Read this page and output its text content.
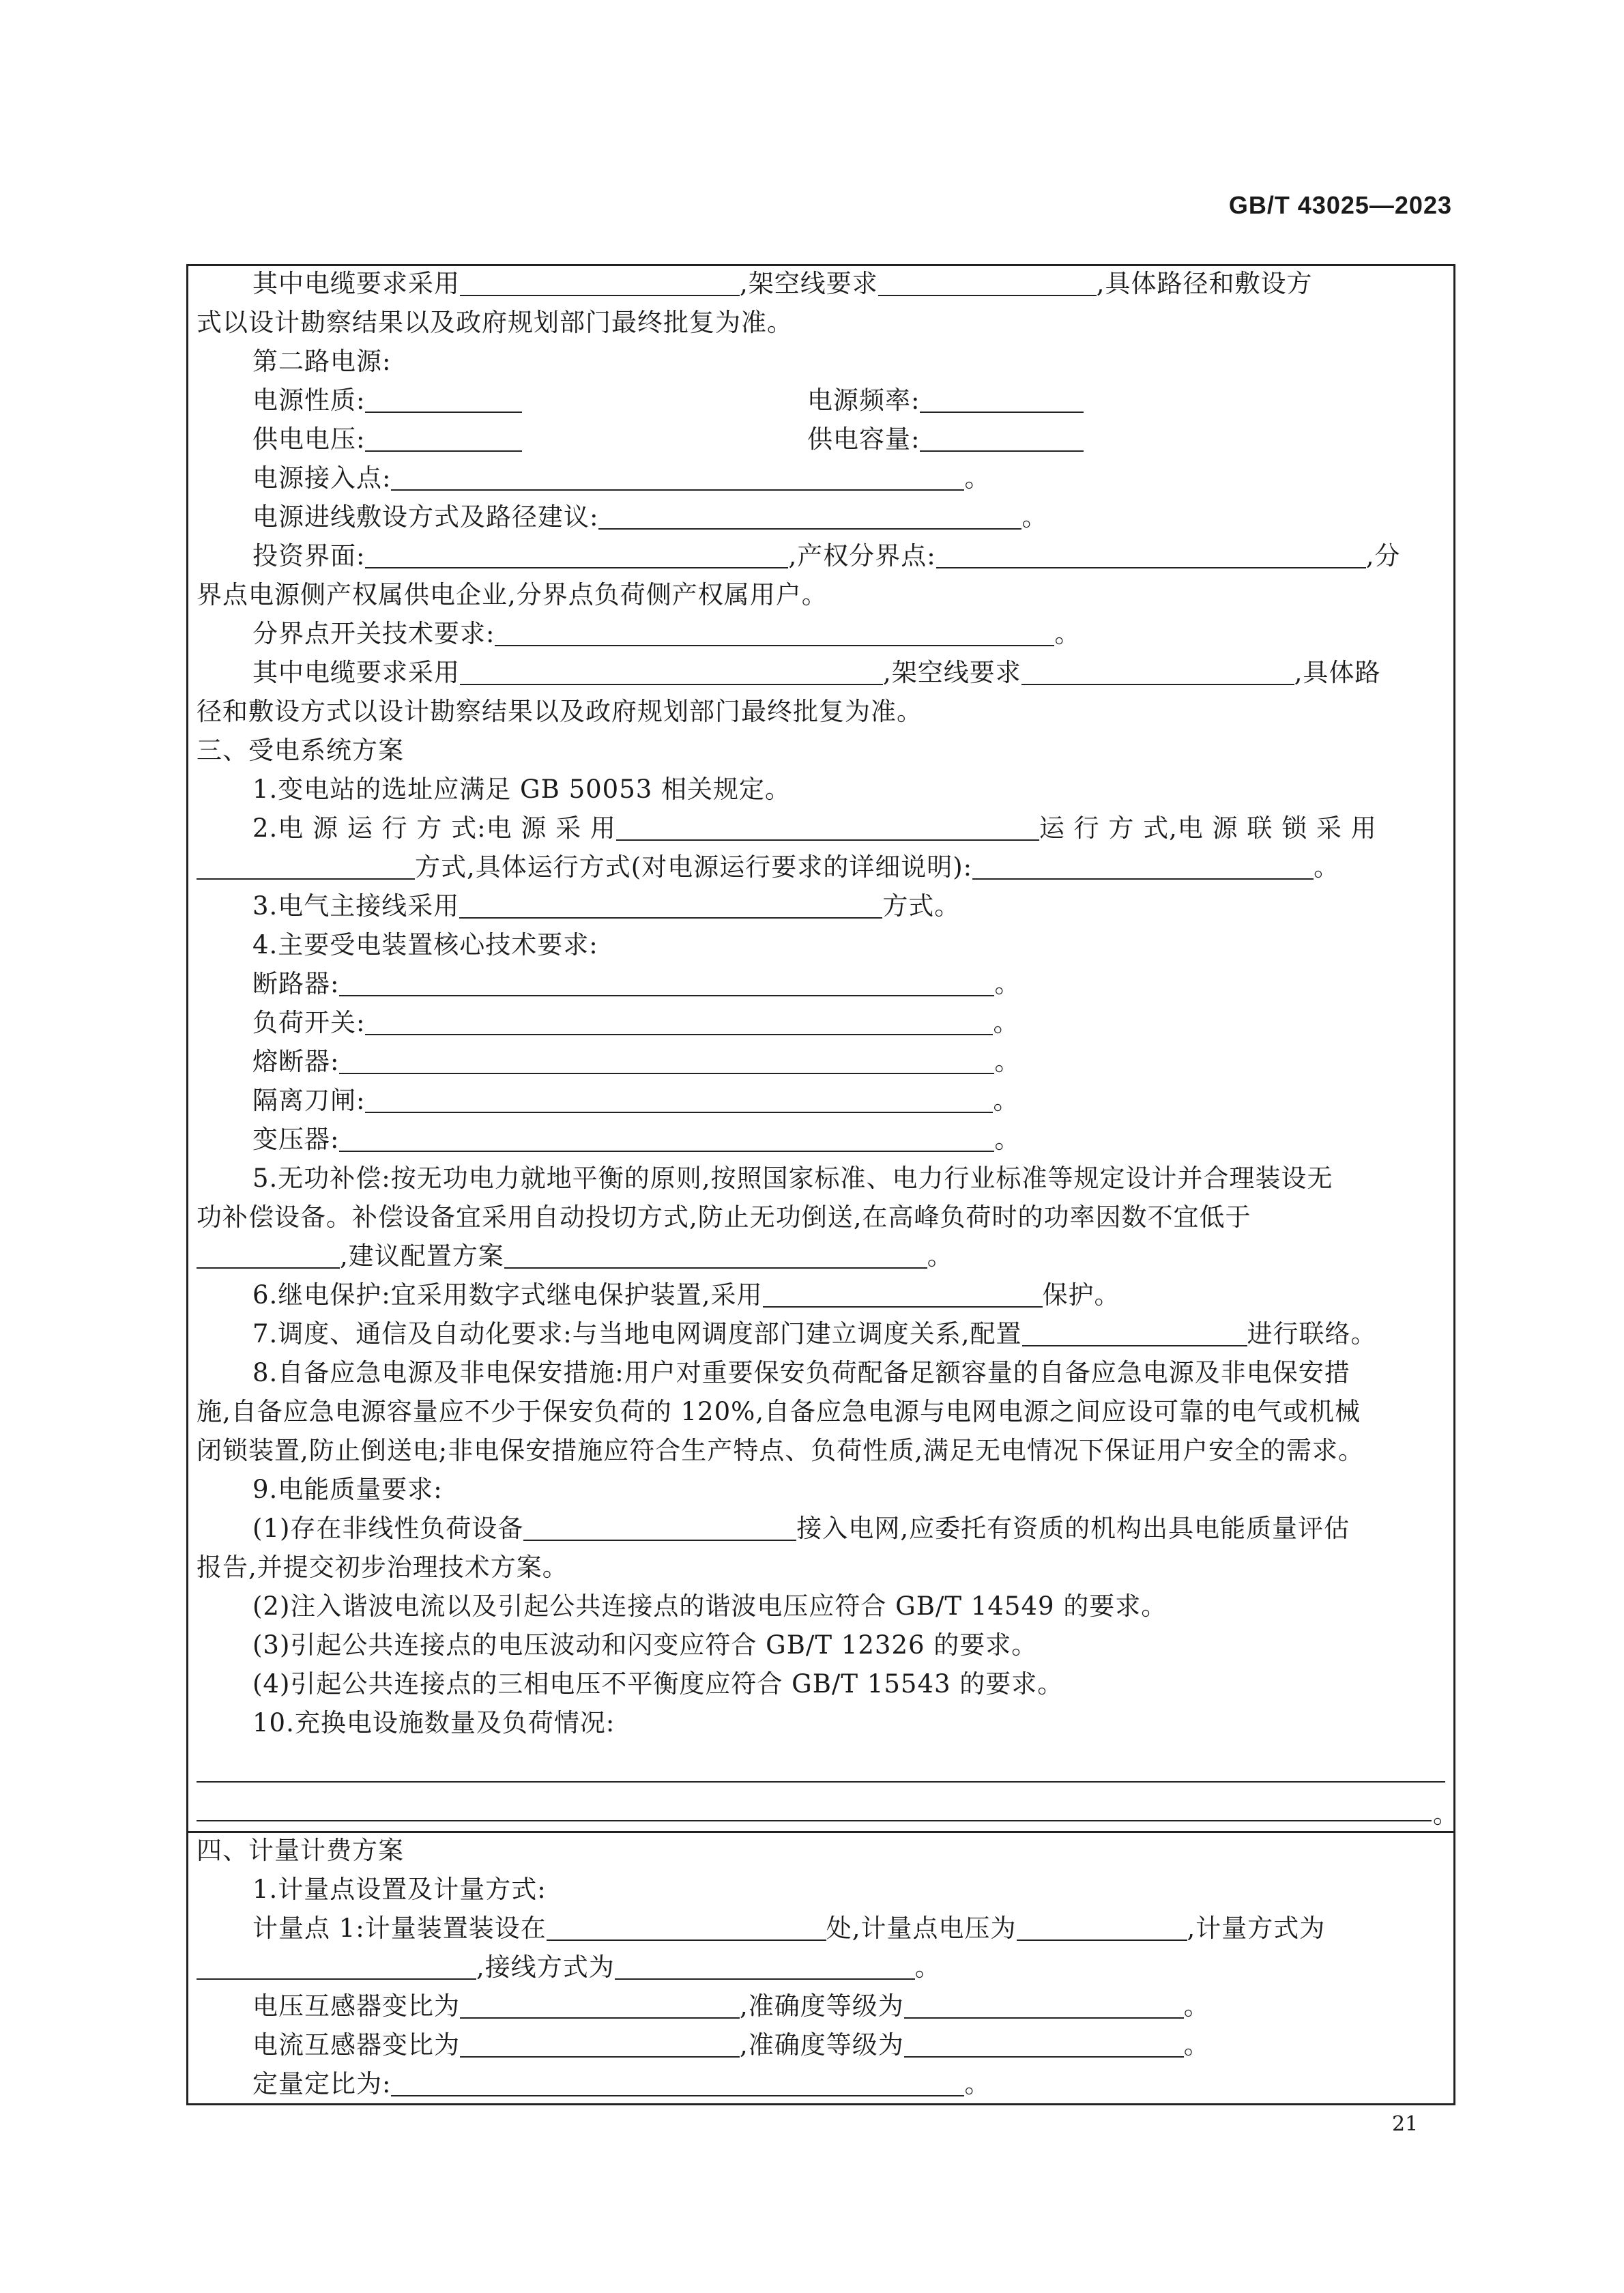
GB/T 43025—2023
其中电缆要求采用	,架空线要求	,具体路径和敷设方
式以设计勘察结果以及政府规划部门最终批复为准。
第二路电源:
电源性质:	电源频率:
供电电压:	供电容量:
电源接入点:	。
电源进线敷设方式及路径建议:	。
投资界面:	,产权分界点:	,分
界点电源侧产权属供电企业,分界点负荷侧产权属用户。
分界点开关技术要求:	。
其中电缆要求采用	,架空线要求	,具体路
径和敷设方式以设计勘察结果以及政府规划部门最终批复为准。
三、受电系统方案
1.变电站的选址应满足 GB 50053 相关规定。
2.电 源 运 行 方 式:电 源 采 用	运 行 方 式,电 源 联 锁 采 用
方式,具体运行方式(对电源运行要求的详细说明):	。
3.电气主接线采用	方式。
4.主要受电装置核心技术要求:
断路器:	。
负荷开关:	。
熔断器:	。
隔离刀闸:	。
变压器:	。
5.无功补偿:按无功电力就地平衡的原则,按照国家标准、电力行业标准等规定设计并合理装设无
功补偿设备。补偿设备宜采用自动投切方式,防止无功倒送,在高峰负荷时的功率因数不宜低于
,建议配置方案	。
6.继电保护:宜采用数字式继电保护装置,采用	保护。
7.调度、通信及自动化要求:与当地电网调度部门建立调度关系,配置	进行联络。
8.自备应急电源及非电保安措施:用户对重要保安负荷配备足额容量的自备应急电源及非电保安措
施,自备应急电源容量应不少于保安负荷的 120%,自备应急电源与电网电源之间应设可靠的电气或机械
闭锁装置,防止倒送电;非电保安措施应符合生产特点、负荷性质,满足无电情况下保证用户安全的需求。
9.电能质量要求:
(1)存在非线性负荷设备	接入电网,应委托有资质的机构出具电能质量评估
报告,并提交初步治理技术方案。
(2)注入谐波电流以及引起公共连接点的谐波电压应符合 GB/T 14549 的要求。
(3)引起公共连接点的电压波动和闪变应符合 GB/T 12326 的要求。
(4)引起公共连接点的三相电压不平衡度应符合 GB/T 15543 的要求。
10.充换电设施数量及负荷情况:
。
四、计量计费方案
1.计量点设置及计量方式:
计量点 1:计量装置装设在	处,计量点电压为	,计量方式为
,接线方式为	。
电压互感器变比为	,准确度等级为	。
电流互感器变比为	,准确度等级为	。
定量定比为:	。
21
